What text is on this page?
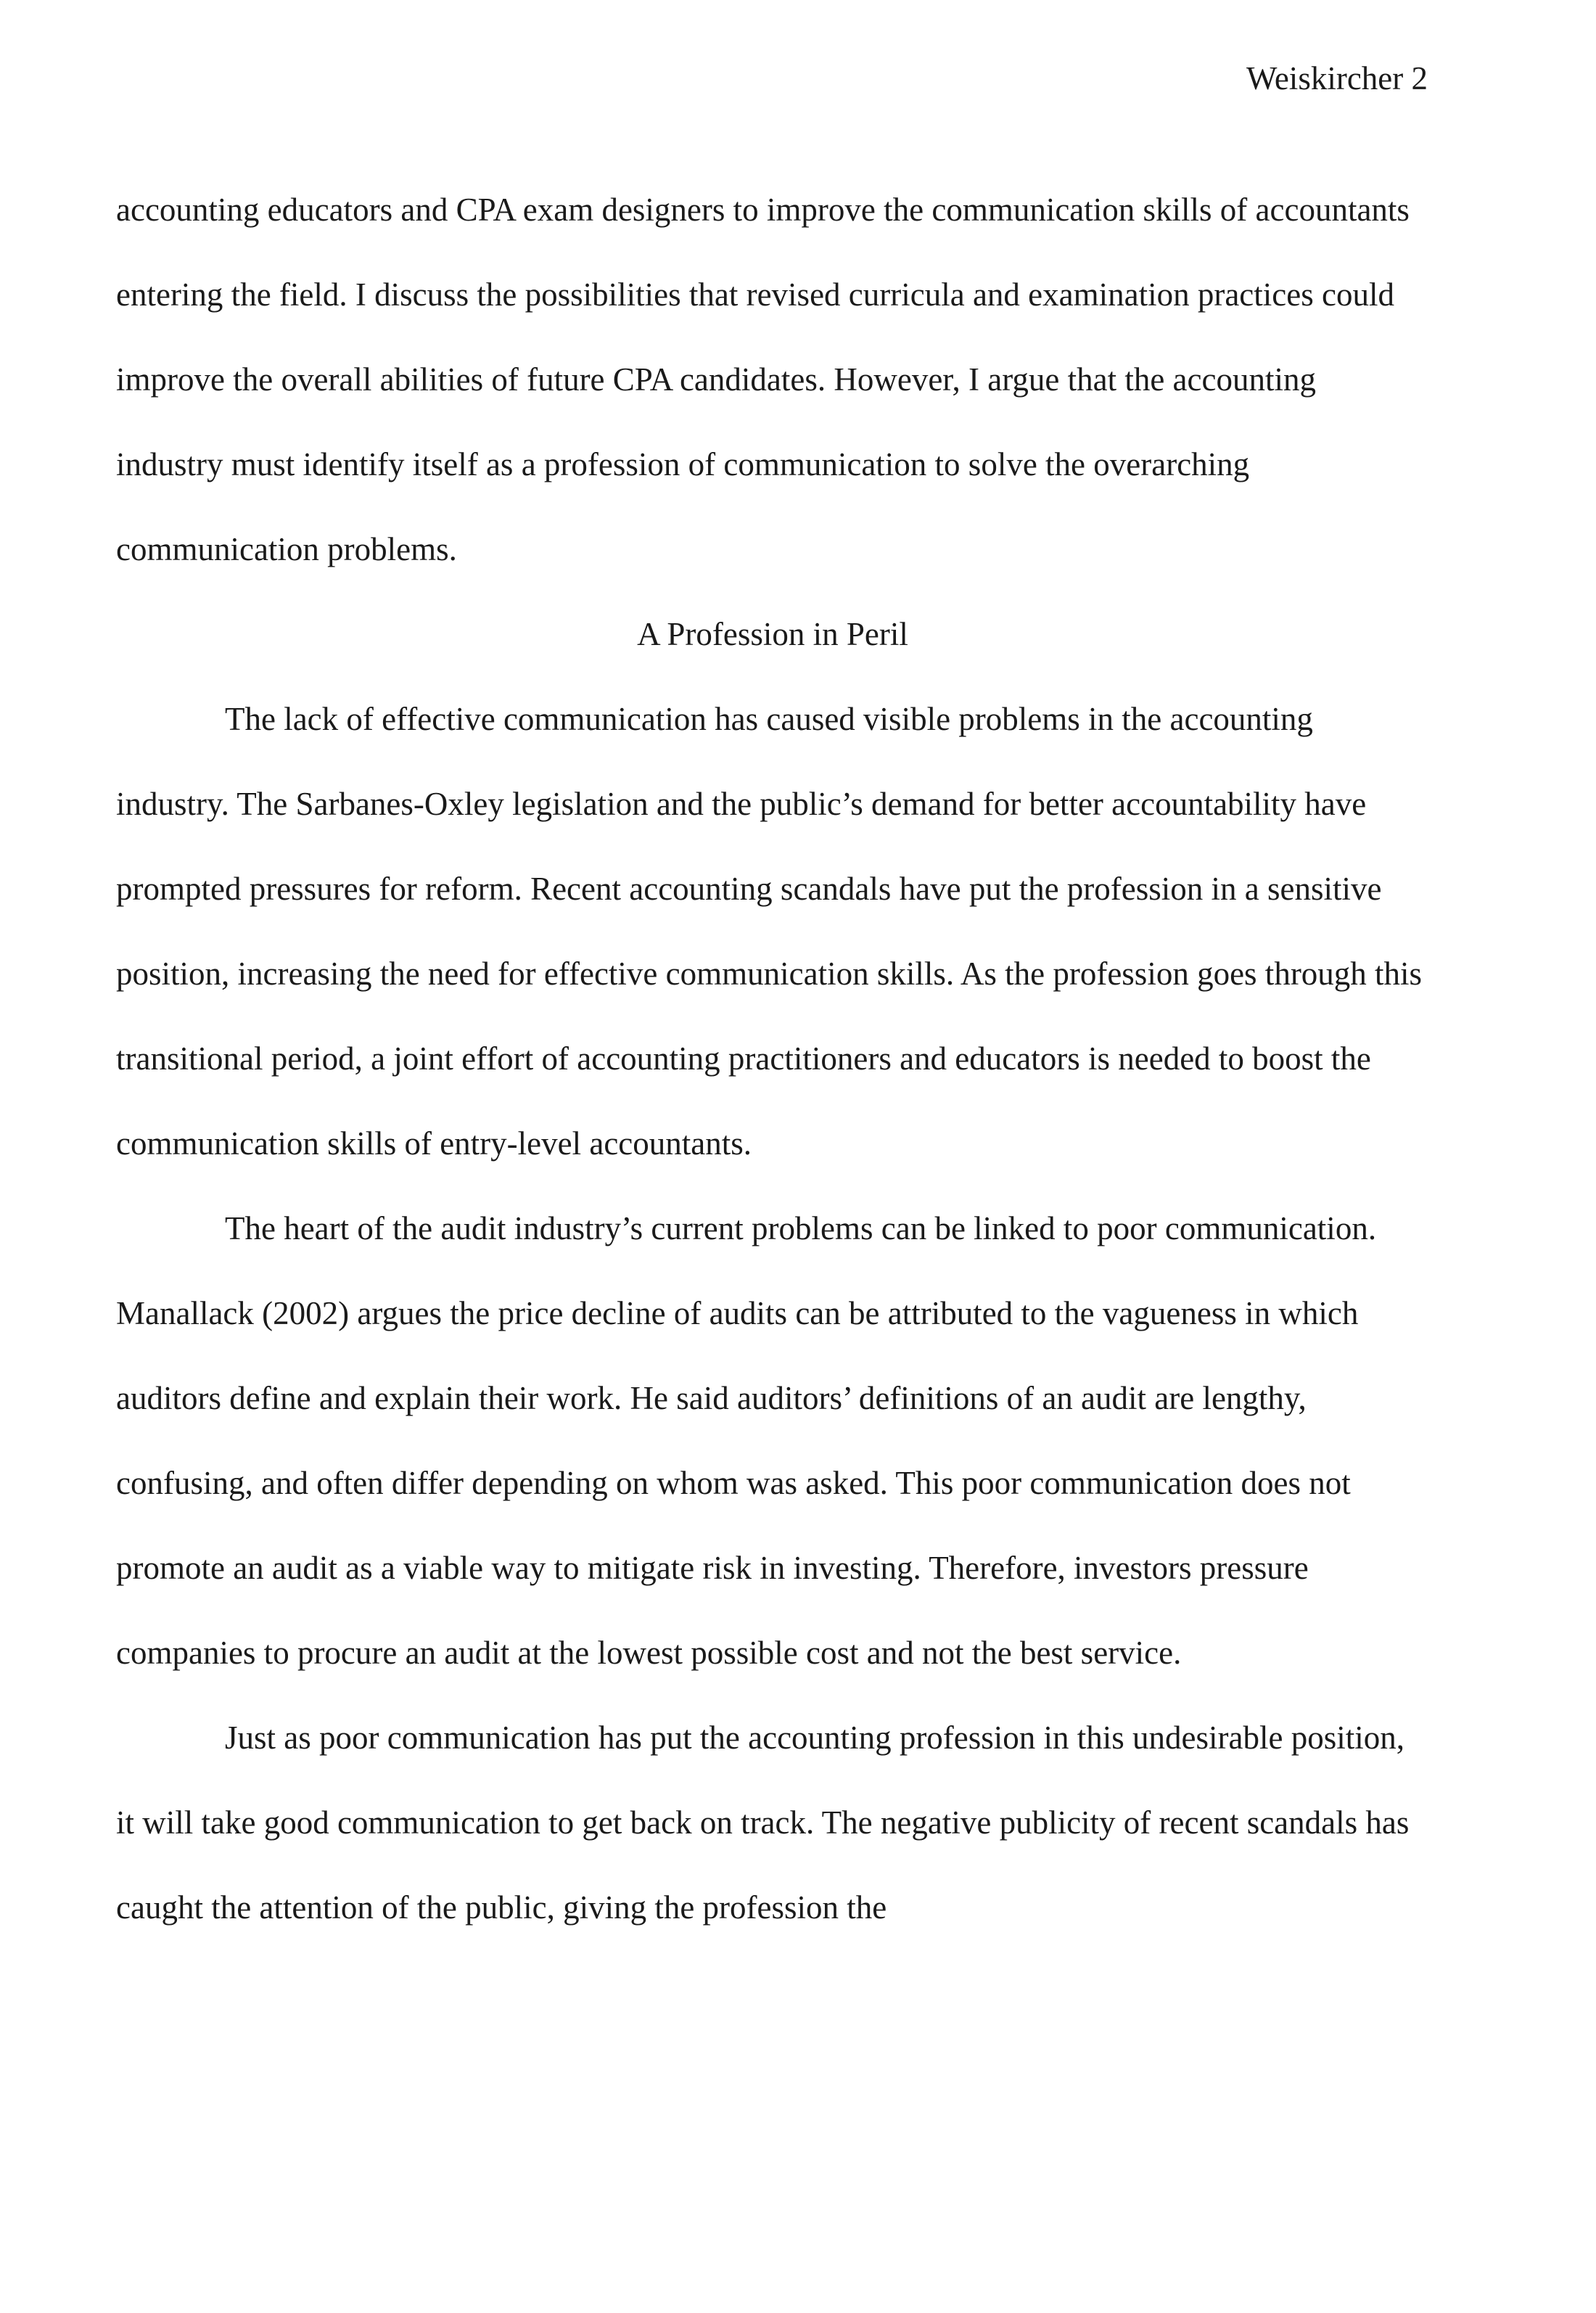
Weiskircher 2

accounting educators and CPA exam designers to improve the communication skills of accountants entering the field. I discuss the possibilities that revised curricula and examination practices could improve the overall abilities of future CPA candidates. However, I argue that the accounting industry must identify itself as a profession of communication to solve the overarching communication problems.

A Profession in Peril

The lack of effective communication has caused visible problems in the accounting industry. The Sarbanes-Oxley legislation and the public’s demand for better accountability have prompted pressures for reform. Recent accounting scandals have put the profession in a sensitive position, increasing the need for effective communication skills. As the profession goes through this transitional period, a joint effort of accounting practitioners and educators is needed to boost the communication skills of entry-level accountants.

The heart of the audit industry’s current problems can be linked to poor communication. Manallack (2002) argues the price decline of audits can be attributed to the vagueness in which auditors define and explain their work. He said auditors’ definitions of an audit are lengthy, confusing, and often differ depending on whom was asked. This poor communication does not promote an audit as a viable way to mitigate risk in investing. Therefore, investors pressure companies to procure an audit at the lowest possible cost and not the best service.

Just as poor communication has put the accounting profession in this undesirable position, it will take good communication to get back on track. The negative publicity of recent scandals has caught the attention of the public, giving the profession the
